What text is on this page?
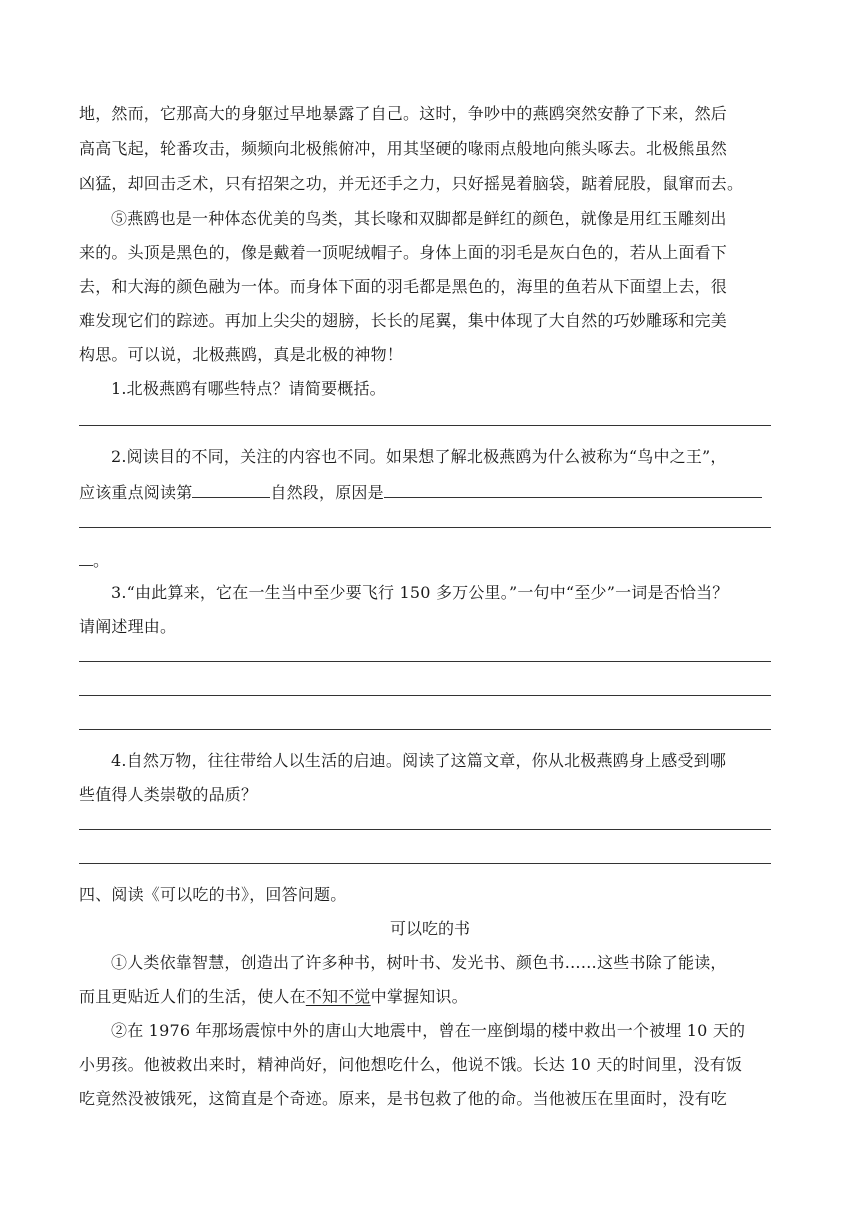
地，然而，它那高大的身躯过早地暴露了自己。这时，争吵中的燕鸥突然安静了下来，然后
高高飞起，轮番攻击，频频向北极熊俯冲，用其坚硬的喙雨点般地向熊头啄去。北极熊虽然
凶猛，却回击乏术，只有招架之功，并无还手之力，只好摇晃着脑袋，踮着屁股，鼠窜而去。
⑤燕鸥也是一种体态优美的鸟类，其长喙和双脚都是鲜红的颜色，就像是用红玉雕刻出
来的。头顶是黑色的，像是戴着一顶呢绒帽子。身体上面的羽毛是灰白色的，若从上面看下
去，和大海的颜色融为一体。而身体下面的羽毛都是黑色的，海里的鱼若从下面望上去，很
难发现它们的踪迹。再加上尖尖的翅膀，长长的尾翼，集中体现了大自然的巧妙雕琢和完美
构思。可以说，北极燕鸥，真是北极的神物！
1.北极燕鸥有哪些特点？请简要概括。
2.阅读目的不同，关注的内容也不同。如果想了解北极燕鸥为什么被称为“鸟中之王”，
应该重点阅读第	自然段，原因是
。
3.“由此算来，它在一生当中至少要飞行 150 多万公里。”一句中“至少”一词是否恰当？
请阐述理由。
4.自然万物，往往带给人以生活的启迪。阅读了这篇文章，你从北极燕鸥身上感受到哪
些值得人类崇敬的品质？
四、阅读《可以吃的书》，回答问题。
可以吃的书
①人类依靠智慧，创造出了许多种书，树叶书、发光书、颜色书……这些书除了能读，
而且更贴近人们的生活，使人在不知不觉中掌握知识。
②在 1976 年那场震惊中外的唐山大地震中，曾在一座倒塌的楼中救出一个被埋 10 天的
小男孩。他被救出来时，精神尚好，问他想吃什么，他说不饿。长达 10 天的时间里，没有饭
吃竟然没被饿死，这简直是个奇迹。原来，是书包救了他的命。当他被压在里面时，没有吃
